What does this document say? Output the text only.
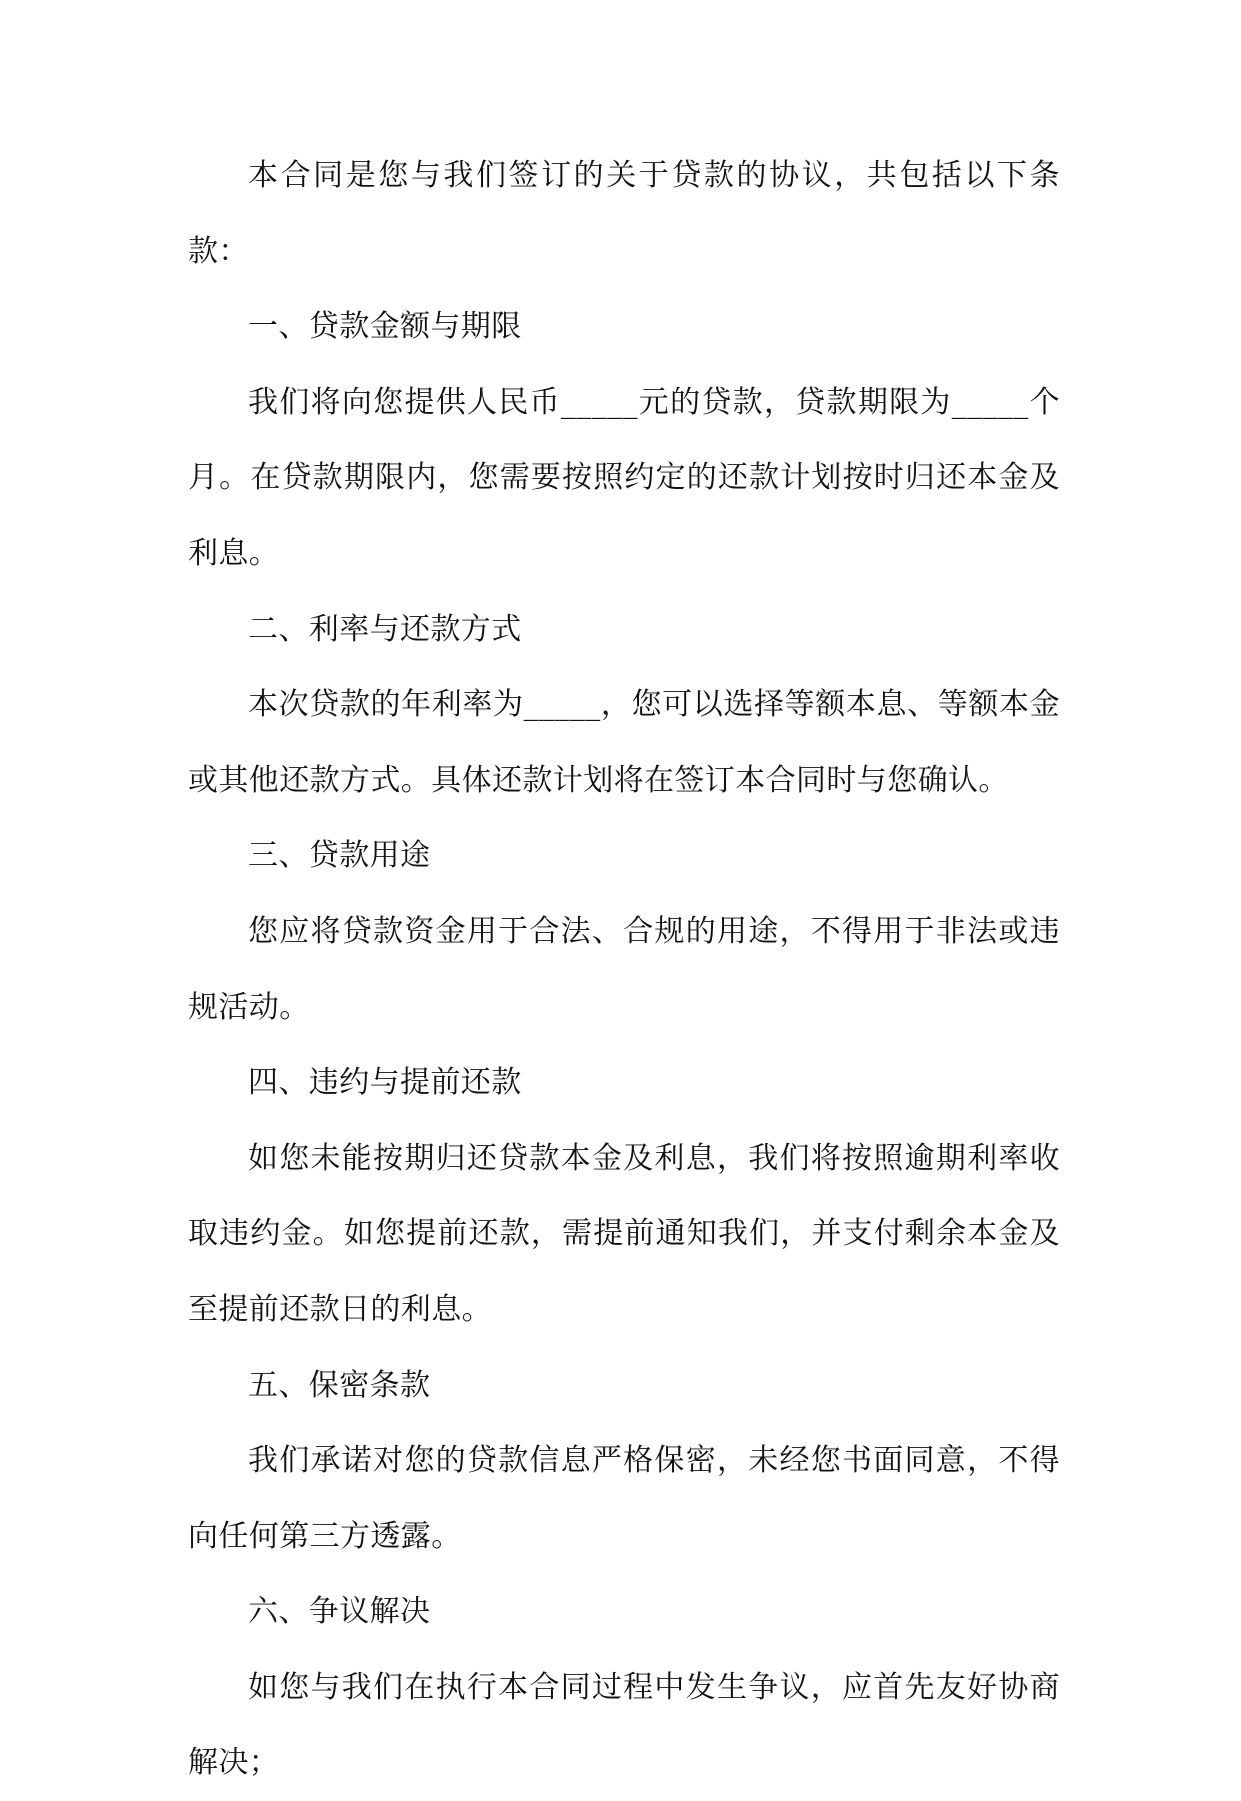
本合同是您与我们签订的关于贷款的协议，共包括以下条款：

一、贷款金额与期限

我们将向您提供人民币_____元的贷款，贷款期限为_____个月。在贷款期限内，您需要按照约定的还款计划按时归还本金及利息。

二、利率与还款方式

本次贷款的年利率为_____，您可以选择等额本息、等额本金或其他还款方式。具体还款计划将在签订本合同时与您确认。

三、贷款用途

您应将贷款资金用于合法、合规的用途，不得用于非法或违规活动。

四、违约与提前还款

如您未能按期归还贷款本金及利息，我们将按照逾期利率收取违约金。如您提前还款，需提前通知我们，并支付剩余本金及至提前还款日的利息。

五、保密条款

我们承诺对您的贷款信息严格保密，未经您书面同意，不得向任何第三方透露。

六、争议解决

如您与我们在执行本合同过程中发生争议，应首先友好协商解决；
